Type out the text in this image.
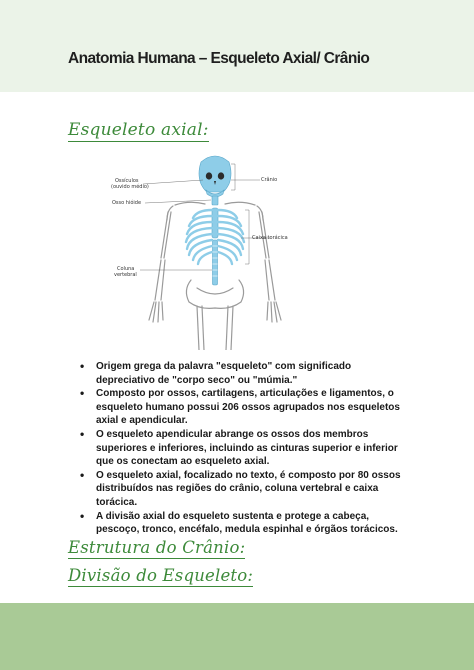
Anatomia Humana – Esqueleto Axial/ Crânio
Esqueleto axial:
Ossículos
(ouvido médio)
Crânio
Osso hióide
Caixa torácica
Coluna
vertebral
• Origem grega da palavra "esqueleto" com significado depreciativo de "corpo seco" ou "múmia."
• Composto por ossos, cartilagens, articulações e ligamentos, o esqueleto humano possui 206 ossos agrupados nos esqueletos axial e apendicular.
• O esqueleto apendicular abrange os ossos dos membros superiores e inferiores, incluindo as cinturas superior e inferior que os conectam ao esqueleto axial.
• O esqueleto axial, focalizado no texto, é composto por 80 ossos distribuídos nas regiões do crânio, coluna vertebral e caixa torácica.
• A divisão axial do esqueleto sustenta e protege a cabeça, pescoço, tronco, encéfalo, medula espinhal e órgãos torácicos.
Estrutura do Crânio:
Divisão do Esqueleto:
